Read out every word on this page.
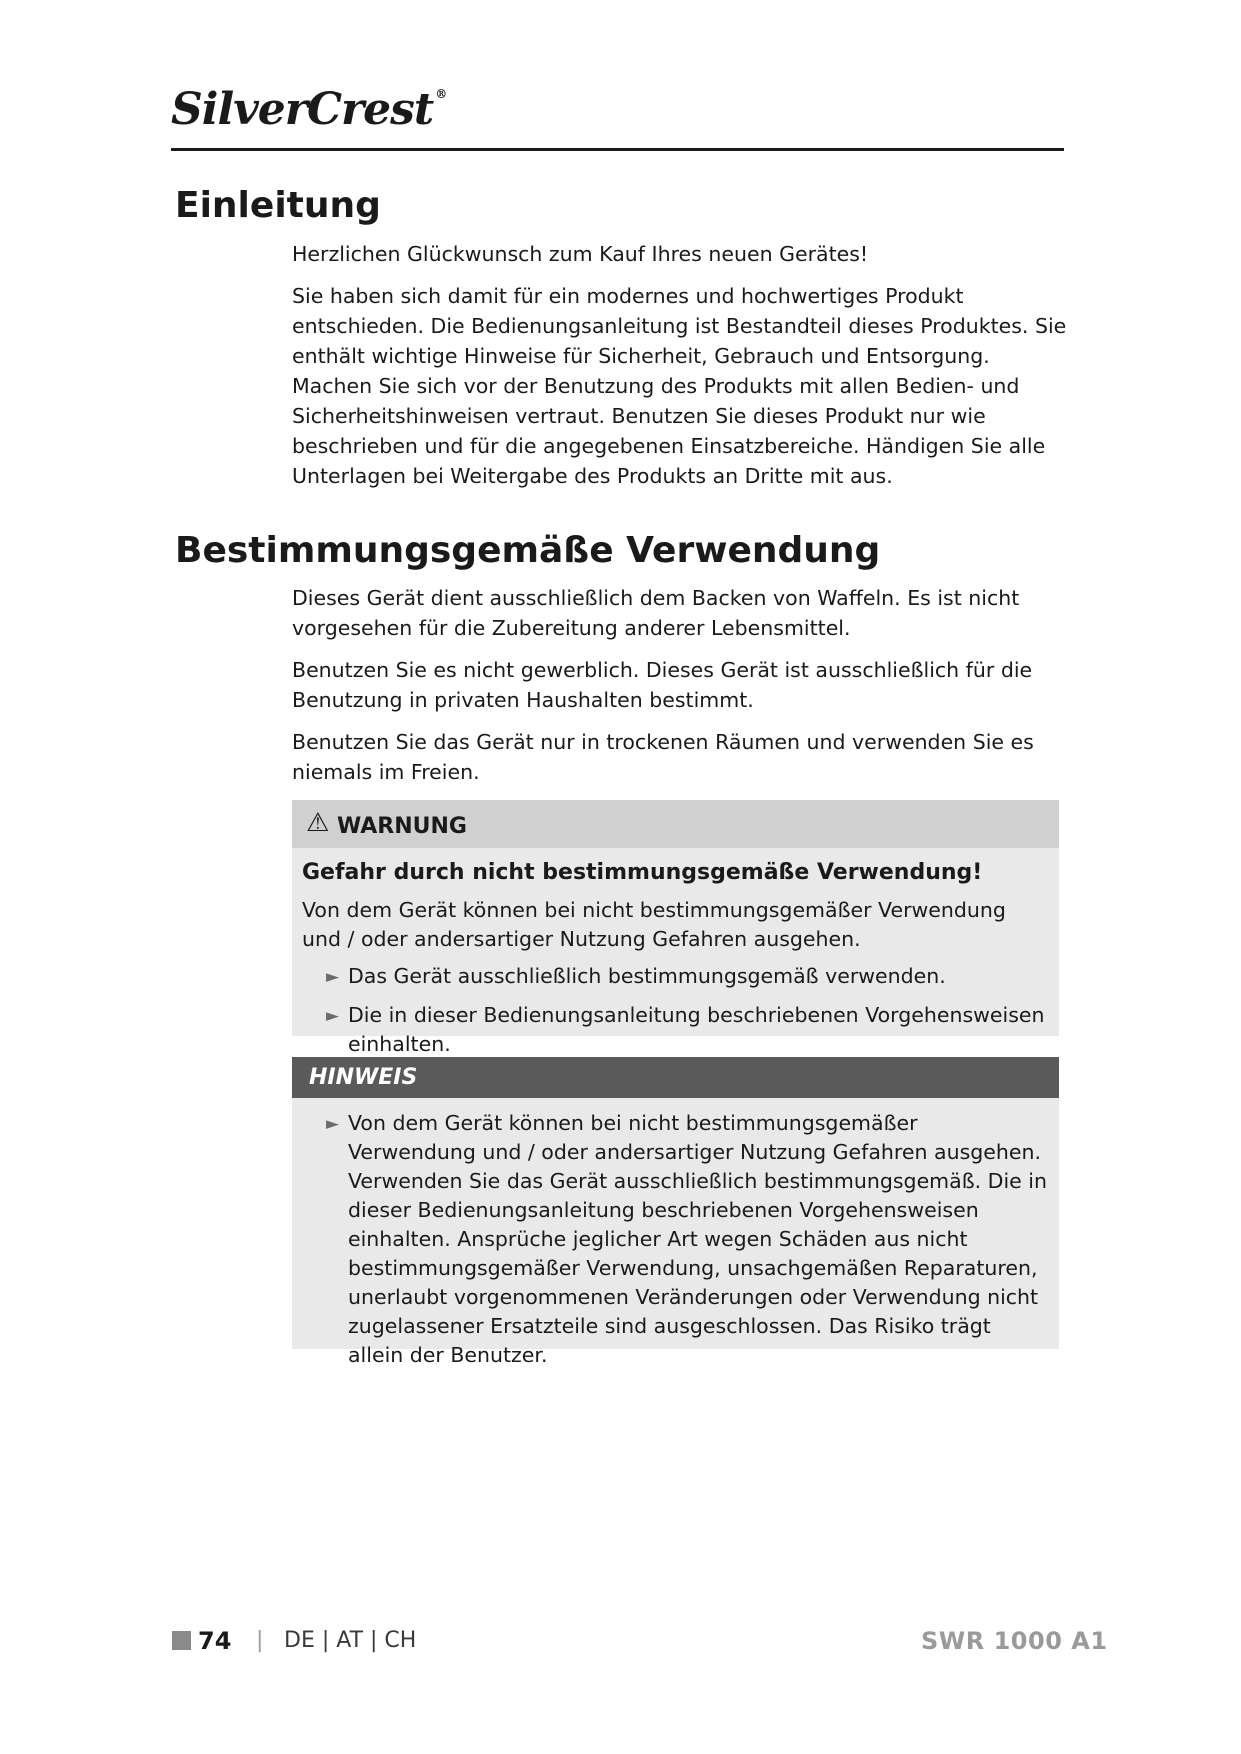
SilverCrest ®
Einleitung
Herzlichen Glückwunsch zum Kauf Ihres neuen Gerätes!
Sie haben sich damit für ein modernes und hochwertiges Produkt entschieden. Die Bedienungsanleitung ist Bestandteil dieses Produktes. Sie enthält wichtige Hinweise für Sicherheit, Gebrauch und Entsorgung. Machen Sie sich vor der Benutzung des Produkts mit allen Bedien- und Sicherheitshinweisen vertraut. Benutzen Sie dieses Produkt nur wie beschrieben und für die angegebenen Einsatzbereiche. Händigen Sie alle Unterlagen bei Weitergabe des Produkts an Dritte mit aus.
Bestimmungsgemäße Verwendung
Dieses Gerät dient ausschließlich dem Backen von Waffeln. Es ist nicht vorgesehen für die Zubereitung anderer Lebensmittel.
Benutzen Sie es nicht gewerblich. Dieses Gerät ist ausschließlich für die Benutzung in privaten Haushalten bestimmt.
Benutzen Sie das Gerät nur in trockenen Räumen und verwenden Sie es niemals im Freien.
⚠ WARNUNG
Gefahr durch nicht bestimmungsgemäße Verwendung!
Von dem Gerät können bei nicht bestimmungsgemäßer Verwendung und / oder andersartiger Nutzung Gefahren ausgehen.
► Das Gerät ausschließlich bestimmungsgemäß verwenden.
► Die in dieser Bedienungsanleitung beschriebenen Vorgehensweisen einhalten.
HINWEIS
► Von dem Gerät können bei nicht bestimmungsgemäßer Verwendung und / oder andersartiger Nutzung Gefahren ausgehen. Verwenden Sie das Gerät ausschließlich bestimmungsgemäß. Die in dieser Bedienungsanleitung beschriebenen Vorgehensweisen einhalten. Ansprüche jeglicher Art wegen Schäden aus nicht bestimmungsgemäßer Verwendung, unsachgemäßen Reparaturen, unerlaubt vorgenommenen Veränderungen oder Verwendung nicht zugelassener Ersatzteile sind ausgeschlossen. Das Risiko trägt allein der Benutzer.
74 | DE | AT | CH	SWR 1000 A1
